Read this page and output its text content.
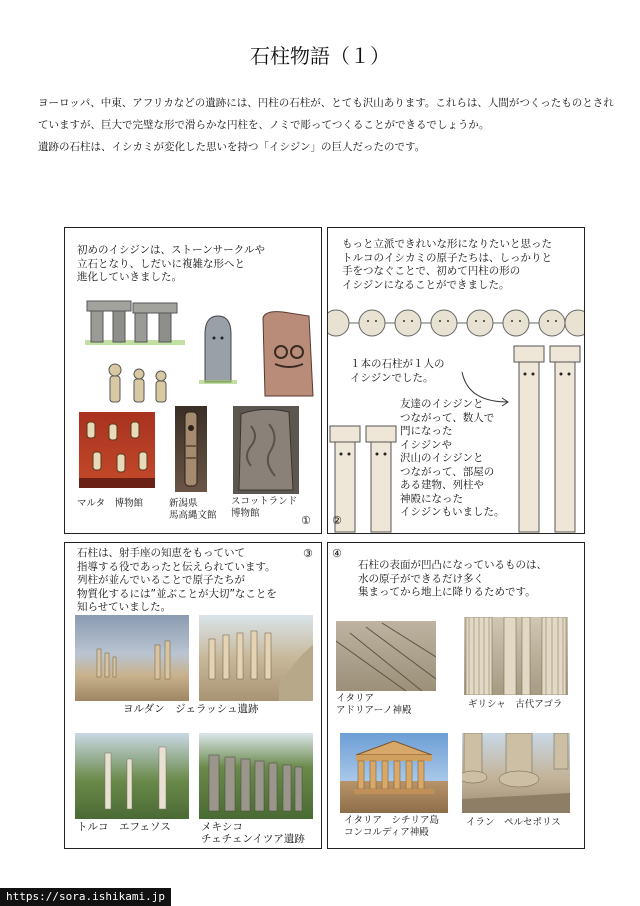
石柱物語（１）

ヨーロッパ、中東、アフリカなどの遺跡には、円柱の石柱が、とても沢山あります。これらは、人間がつくったものとされ

ていますが、巨大で完璧な形で滑らかな円柱を、ノミで彫ってつくることができるでしょうか。

遺跡の石柱は、イシカミが変化した思いを持つ「イシジン」の巨人だったのです。

初めのイシジンは、ストーンサークルや

立石となり、しだいに複雑な形へと

進化していきました。

マルタ　博物館	新潟県
馬高縄文館
スコットランド
博物館
①

もっと立派できれいな形になりたいと思った

トルコのイシカミの原子たちは、しっかりと

手をつなぐことで、初めて円柱の形の

イシジンになることができました。

１本の石柱が１人の

イシジンでした。

友達のイシジンと

つながって、数人で

門になった

イシジンや

沢山のイシジンと

つながって、部屋の

ある建物、列柱や

神殿になった

イシジンもいました。

②

石柱は、射手座の知恵をもっていて

指導する役であったと伝えられています。

列柱が並んでいることで原子たちが

物質化するには”並ぶことが大切”なことを

知らせていました。

③
ヨルダン　ジェラッシュ遺跡
トルコ　エフェソス	メキシコ
チェチェンイツア遺跡
④

石柱の表面が凹凸になっているものは、

水の原子ができるだけ多く

集まってから地上に降りるためです。

イタリア
アドリアーノ神殿
ギリシャ　古代アゴラ
イタリア　シチリア島
コンコルディア神殿
イラン　ペルセポリス
https://sora.ishikami.jp
